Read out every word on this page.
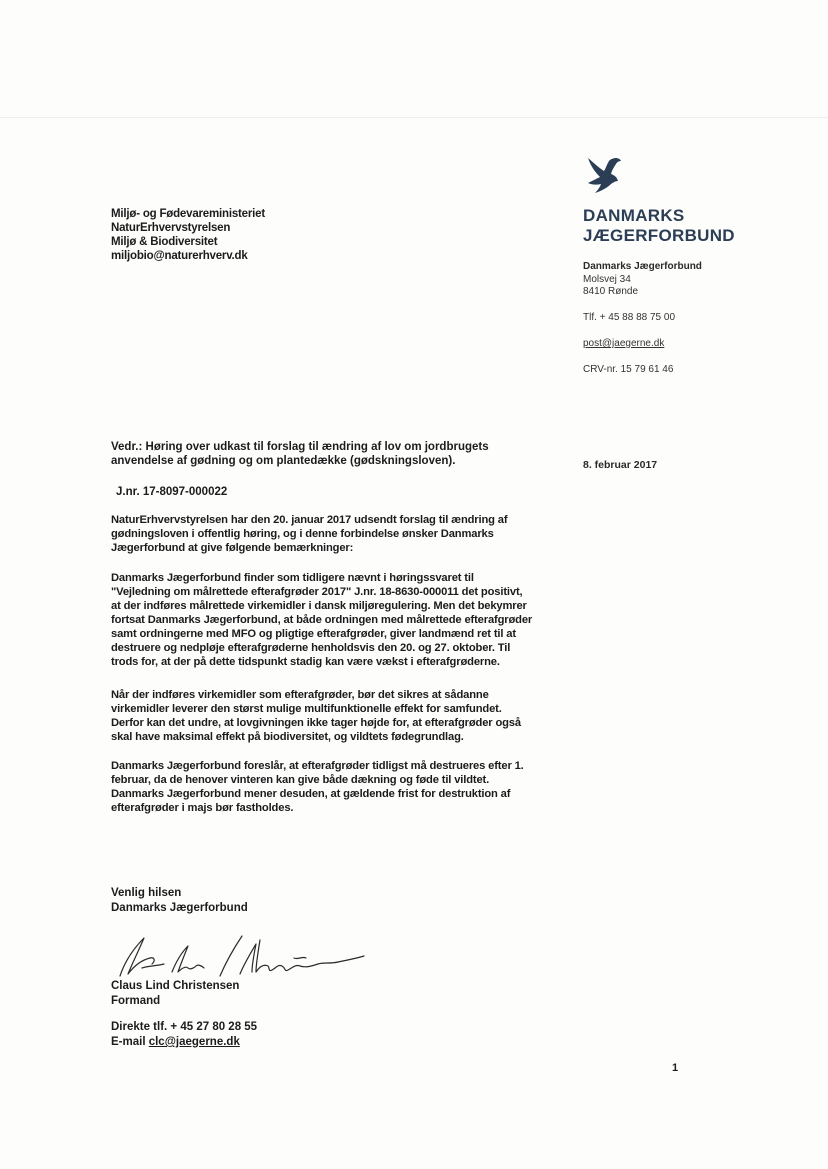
Miljø- og Fødevareministeriet
NaturErhvervstyrelsen
Miljø & Biodiversitet
miljobio@naturerhverv.dk
DANMARKS
JÆGERFORBUND
Danmarks Jægerforbund
Molsvej 34
8410 Rønde
Tlf. + 45 88 88 75 00
post@jaegerne.dk
CRV-nr. 15 79 61 46
8. februar 2017
Vedr.: Høring over udkast til forslag til ændring af lov om jordbrugets
anvendelse af gødning og om plantedække (gødskningsloven).
J.nr. 17-8097-000022
NaturErhvervstyrelsen har den 20. januar 2017 udsendt forslag til ændring af
gødningsloven i offentlig høring, og i denne forbindelse ønsker Danmarks
Jægerforbund at give følgende bemærkninger:
Danmarks Jægerforbund finder som tidligere nævnt i høringssvaret til
"Vejledning om målrettede efterafgrøder 2017" J.nr. 18-8630-000011 det positivt,
at der indføres målrettede virkemidler i dansk miljøregulering. Men det bekymrer
fortsat Danmarks Jægerforbund, at både ordningen med målrettede efterafgrøder
samt ordningerne med MFO og pligtige efterafgrøder, giver landmænd ret til at
destruere og nedpløje efterafgrøderne henholdsvis den 20. og 27. oktober. Til
trods for, at der på dette tidspunkt stadig kan være vækst i efterafgrøderne.
Når der indføres virkemidler som efterafgrøder, bør det sikres at sådanne
virkemidler leverer den størst mulige multifunktionelle effekt for samfundet.
Derfor kan det undre, at lovgivningen ikke tager højde for, at efterafgrøder også
skal have maksimal effekt på biodiversitet, og vildtets fødegrundlag.
Danmarks Jægerforbund foreslår, at efterafgrøder tidligst må destrueres efter 1.
februar, da de henover vinteren kan give både dækning og føde til vildtet.
Danmarks Jægerforbund mener desuden, at gældende frist for destruktion af
efterafgrøder i majs bør fastholdes.
Venlig hilsen
Danmarks Jægerforbund
Claus Lind Christensen
Formand
Direkte tlf. + 45 27 80 28 55
E-mail clc@jaegerne.dk
1
